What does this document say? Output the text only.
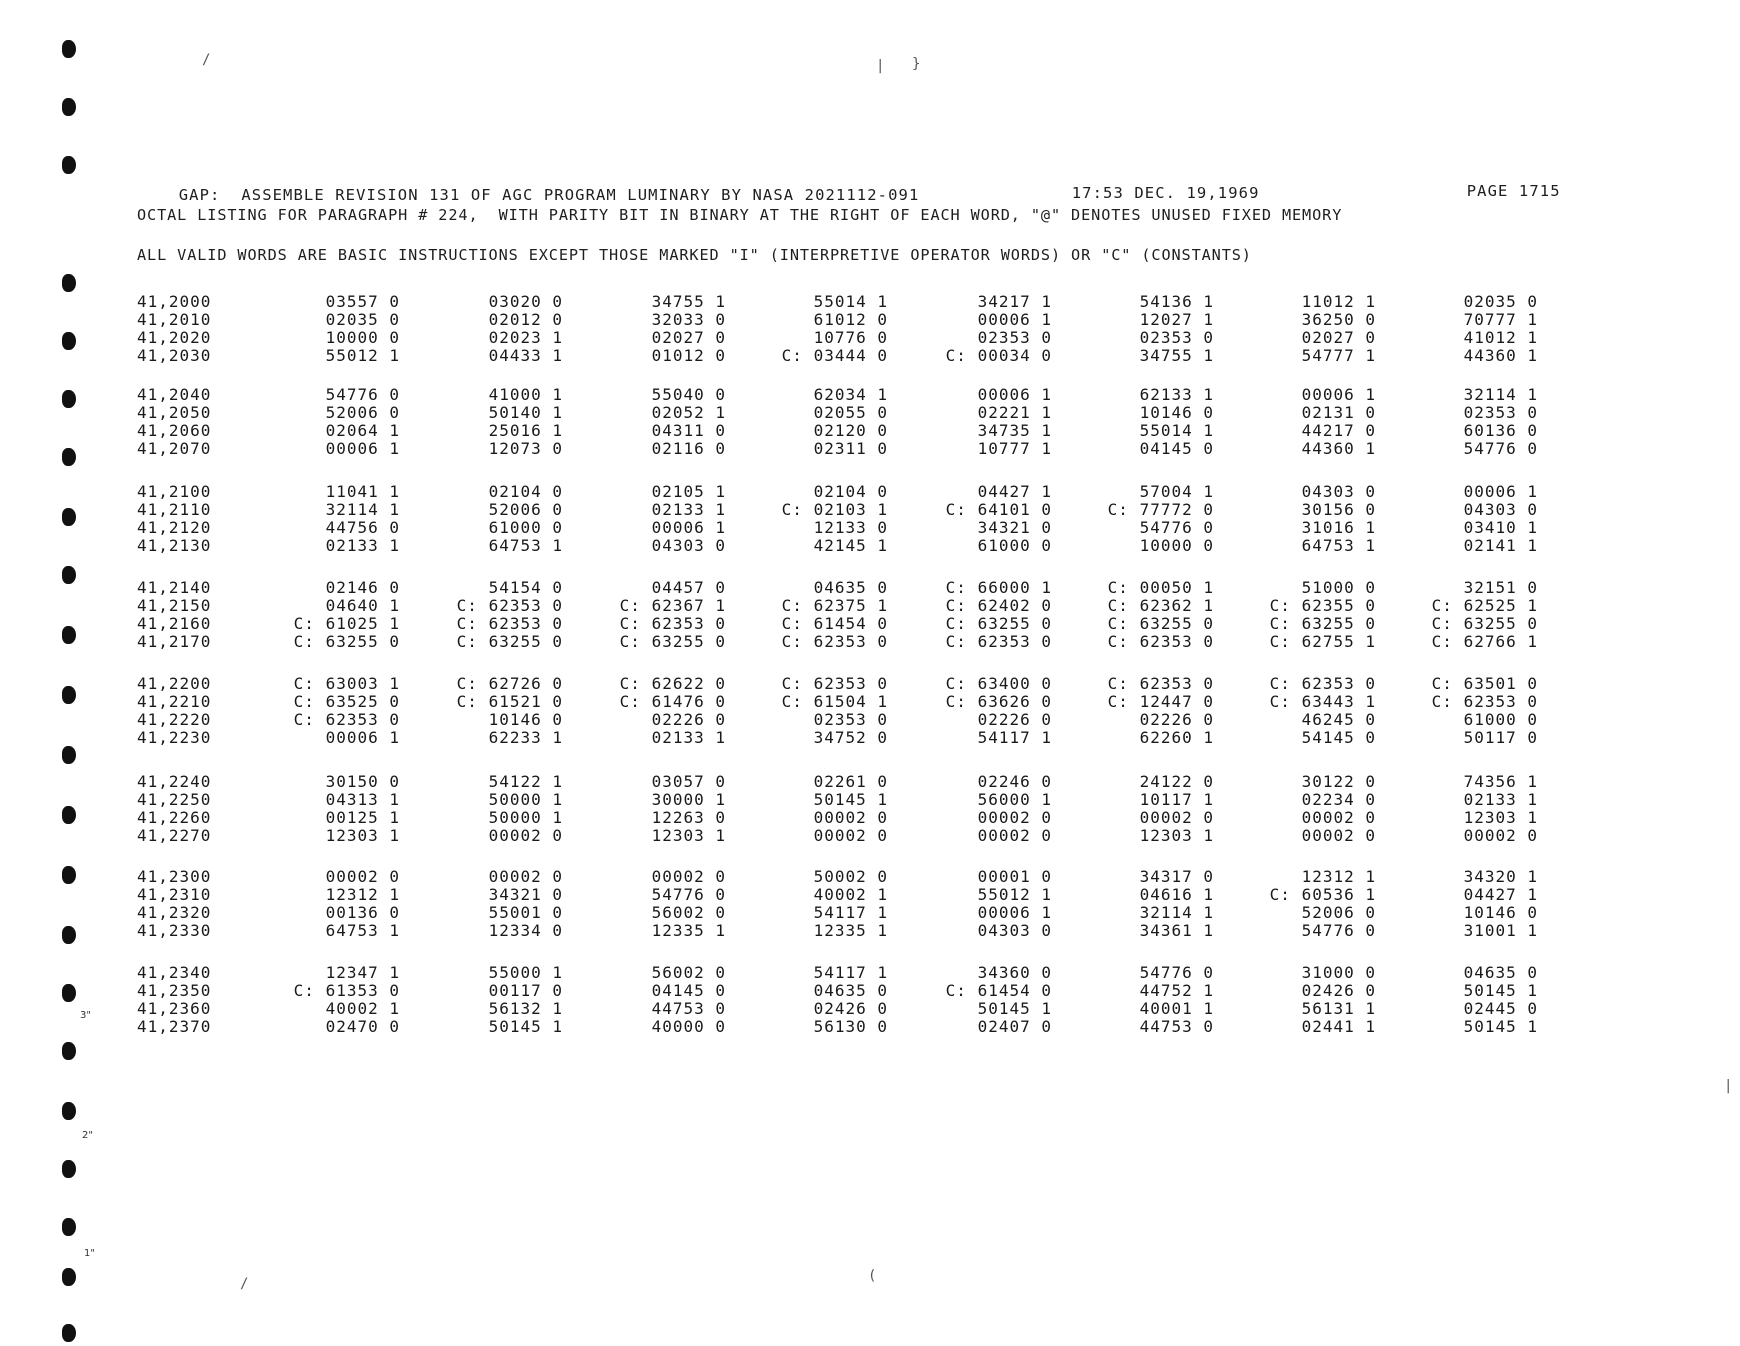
/	| }
/	(
|
3"
2"
1"

GAP:  ASSEMBLE REVISION 131 OF AGC PROGRAM LUMINARY BY NASA 2021112-091
	17:53 DEC. 19,1969
	PAGE 1715

OCTAL LISTING FOR PARAGRAPH # 224,  WITH PARITY BIT IN BINARY AT THE RIGHT OF EACH WORD, "@" DENOTES UNUSED FIXED MEMORY
ALL VALID WORDS ARE BASIC INSTRUCTIONS EXCEPT THOSE MARKED "I" (INTERPRETIVE OPERATOR WORDS) OR "C" (CONSTANTS)
41,2000	03557 0	03020 0	34755 1	55014 1	34217 1	54136 1	11012 1	02035 0
41,2010	02035 0	02012 0	32033 0	61012 0	00006 1	12027 1	36250 0	70777 1
41,2020	10000 0	02023 1	02027 0	10776 0	02353 0	02353 0	02027 0	41012 1
41,2030	55012 1	04433 1	01012 0	C: 03444 0	C: 00034 0	34755 1	54777 1	44360 1
41,2040	54776 0	41000 1	55040 0	62034 1	00006 1	62133 1	00006 1	32114 1
41,2050	52006 0	50140 1	02052 1	02055 0	02221 1	10146 0	02131 0	02353 0
41,2060	02064 1	25016 1	04311 0	02120 0	34735 1	55014 1	44217 0	60136 0
41,2070	00006 1	12073 0	02116 0	02311 0	10777 1	04145 0	44360 1	54776 0
41,2100	11041 1	02104 0	02105 1	02104 0	04427 1	57004 1	04303 0	00006 1
41,2110	32114 1	52006 0	02133 1	C: 02103 1	C: 64101 0	C: 77772 0	30156 0	04303 0
41,2120	44756 0	61000 0	00006 1	12133 0	34321 0	54776 0	31016 1	03410 1
41,2130	02133 1	64753 1	04303 0	42145 1	61000 0	10000 0	64753 1	02141 1
41,2140	02146 0	54154 0	04457 0	04635 0	C: 66000 1	C: 00050 1	51000 0	32151 0
41,2150	04640 1	C: 62353 0	C: 62367 1	C: 62375 1	C: 62402 0	C: 62362 1	C: 62355 0	C: 62525 1
41,2160	C: 61025 1	C: 62353 0	C: 62353 0	C: 61454 0	C: 63255 0	C: 63255 0	C: 63255 0	C: 63255 0
41,2170	C: 63255 0	C: 63255 0	C: 63255 0	C: 62353 0	C: 62353 0	C: 62353 0	C: 62755 1	C: 62766 1
41,2200	C: 63003 1	C: 62726 0	C: 62622 0	C: 62353 0	C: 63400 0	C: 62353 0	C: 62353 0	C: 63501 0
41,2210	C: 63525 0	C: 61521 0	C: 61476 0	C: 61504 1	C: 63626 0	C: 12447 0	C: 63443 1	C: 62353 0
41,2220	C: 62353 0	10146 0	02226 0	02353 0	02226 0	02226 0	46245 0	61000 0
41,2230	00006 1	62233 1	02133 1	34752 0	54117 1	62260 1	54145 0	50117 0
41,2240	30150 0	54122 1	03057 0	02261 0	02246 0	24122 0	30122 0	74356 1
41,2250	04313 1	50000 1	30000 1	50145 1	56000 1	10117 1	02234 0	02133 1
41,2260	00125 1	50000 1	12263 0	00002 0	00002 0	00002 0	00002 0	12303 1
41,2270	12303 1	00002 0	12303 1	00002 0	00002 0	12303 1	00002 0	00002 0
41,2300	00002 0	00002 0	00002 0	50002 0	00001 0	34317 0	12312 1	34320 1
41,2310	12312 1	34321 0	54776 0	40002 1	55012 1	04616 1	C: 60536 1	04427 1
41,2320	00136 0	55001 0	56002 0	54117 1	00006 1	32114 1	52006 0	10146 0
41,2330	64753 1	12334 0	12335 1	12335 1	04303 0	34361 1	54776 0	31001 1
41,2340	12347 1	55000 1	56002 0	54117 1	34360 0	54776 0	31000 0	04635 0
41,2350	C: 61353 0	00117 0	04145 0	04635 0	C: 61454 0	44752 1	02426 0	50145 1
41,2360	40002 1	56132 1	44753 0	02426 0	50145 1	40001 1	56131 1	02445 0
41,2370	02470 0	50145 1	40000 0	56130 0	02407 0	44753 0	02441 1	50145 1
